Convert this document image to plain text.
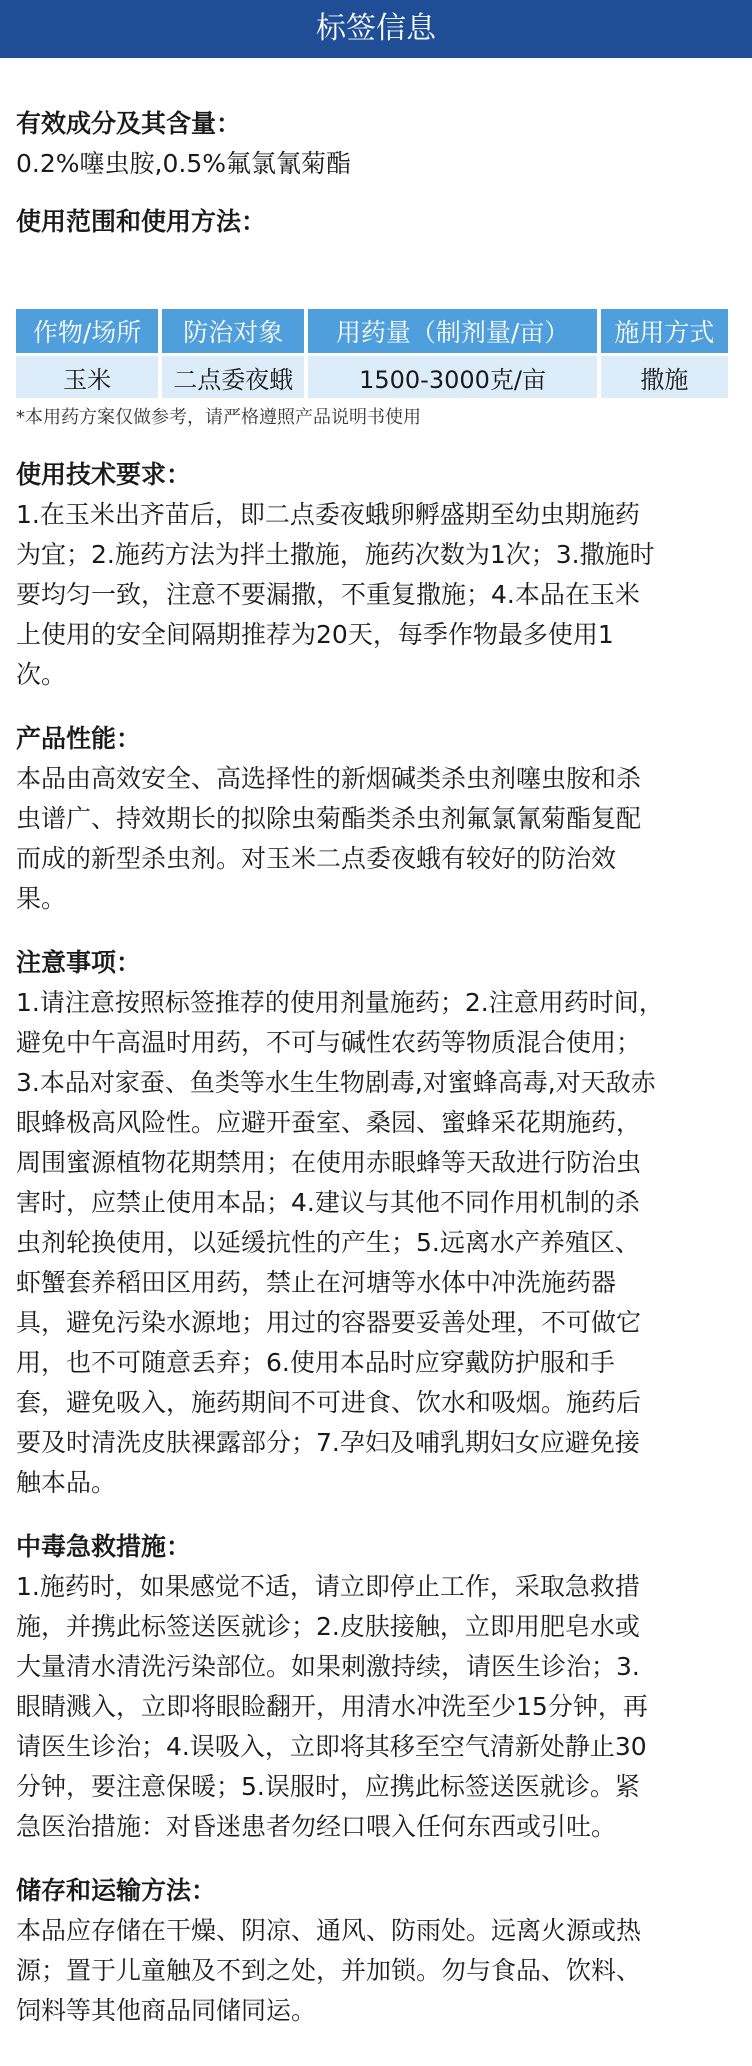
标签信息

有效成分及其含量：

0.2%噻虫胺,0.5%氟氯氰菊酯

使用范围和使用方法：

作物/场所	防治对象	用药量（制剂量/亩）	施用方式
玉米	二点委夜蛾	1500-3000克/亩	撒施

*本用药方案仅做参考，请严格遵照产品说明书使用

使用技术要求：

1.在玉米出齐苗后，即二点委夜蛾卵孵盛期至幼虫期施药

为宜；2.施药方法为拌土撒施，施药次数为1次；3.撒施时

要均匀一致，注意不要漏撒，不重复撒施；4.本品在玉米

上使用的安全间隔期推荐为20天，每季作物最多使用1

次。

产品性能：

本品由高效安全、高选择性的新烟碱类杀虫剂噻虫胺和杀

虫谱广、持效期长的拟除虫菊酯类杀虫剂氟氯氰菊酯复配

而成的新型杀虫剂。对玉米二点委夜蛾有较好的防治效

果。

注意事项：

1.请注意按照标签推荐的使用剂量施药；2.注意用药时间，

避免中午高温时用药，不可与碱性农药等物质混合使用；

3.本品对家蚕、鱼类等水生生物剧毒,对蜜蜂高毒,对天敌赤

眼蜂极高风险性。应避开蚕室、桑园、蜜蜂采花期施药，

周围蜜源植物花期禁用；在使用赤眼蜂等天敌进行防治虫

害时，应禁止使用本品；4.建议与其他不同作用机制的杀

虫剂轮换使用，以延缓抗性的产生；5.远离水产养殖区、

虾蟹套养稻田区用药，禁止在河塘等水体中冲洗施药器

具，避免污染水源地；用过的容器要妥善处理，不可做它

用，也不可随意丢弃；6.使用本品时应穿戴防护服和手

套，避免吸入，施药期间不可进食、饮水和吸烟。施药后

要及时清洗皮肤裸露部分；7.孕妇及哺乳期妇女应避免接

触本品。

中毒急救措施：

1.施药时，如果感觉不适，请立即停止工作，采取急救措

施，并携此标签送医就诊；2.皮肤接触，立即用肥皂水或

大量清水清洗污染部位。如果刺激持续，请医生诊治；3.

眼睛溅入，立即将眼睑翻开，用清水冲洗至少15分钟，再

请医生诊治；4.误吸入，立即将其移至空气清新处静止30

分钟，要注意保暖；5.误服时，应携此标签送医就诊。紧

急医治措施：对昏迷患者勿经口喂入任何东西或引吐。

储存和运输方法：

本品应存储在干燥、阴凉、通风、防雨处。远离火源或热

源；置于儿童触及不到之处，并加锁。勿与食品、饮料、

饲料等其他商品同储同运。
